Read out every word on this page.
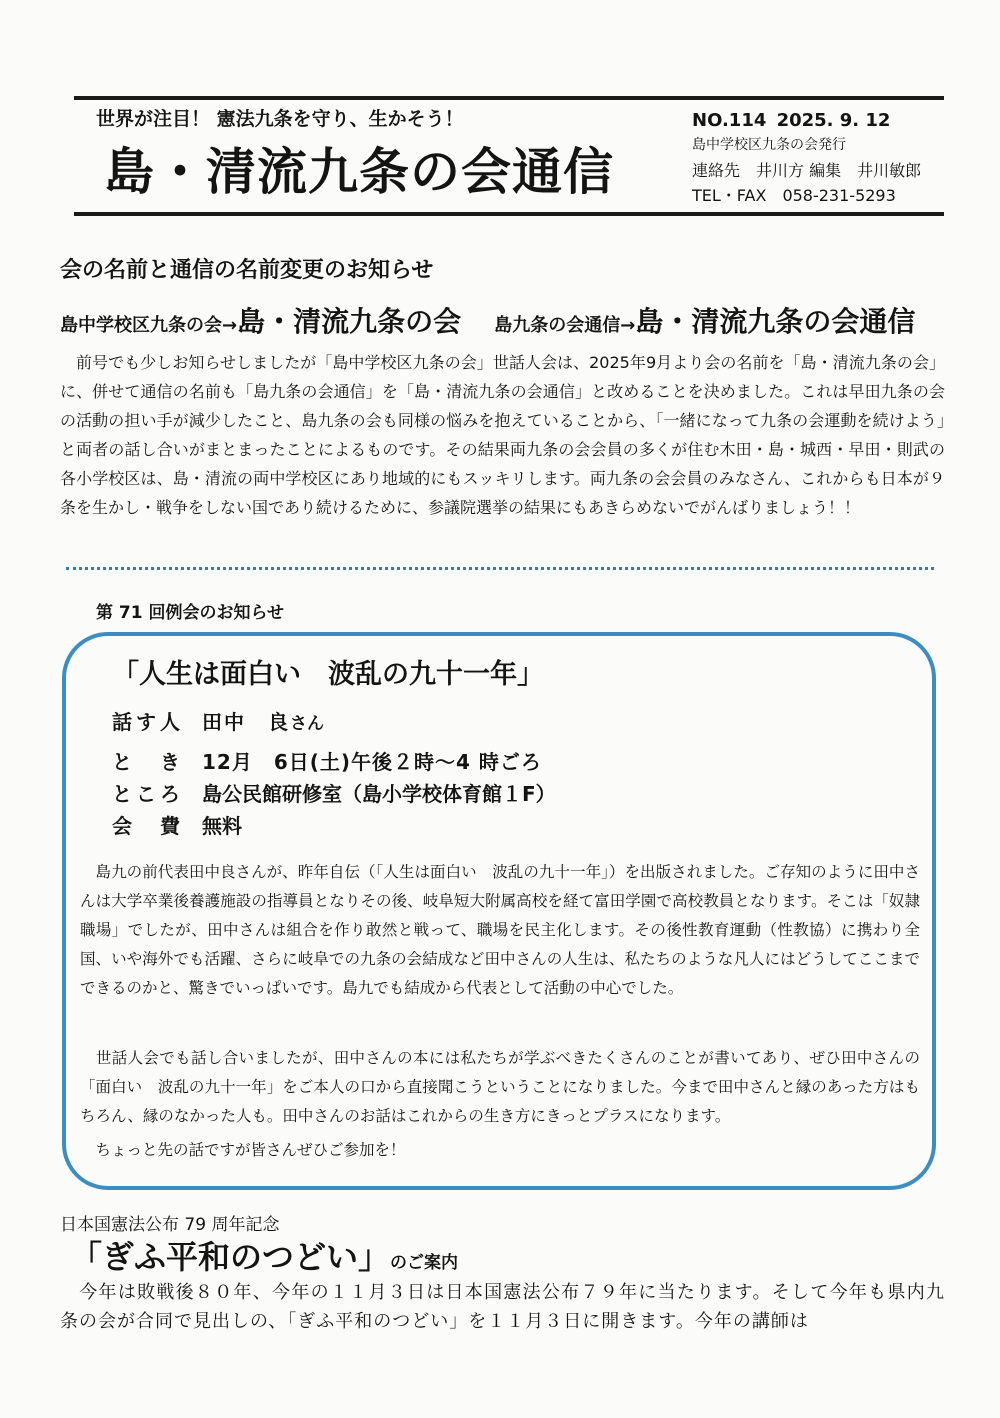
世界が注目！ 憲法九条を守り、生かそう！
島・清流九条の会通信
NO.114 2025. 9. 12
島中学校区九条の会発行
連絡先　井川方 編集　井川敏郎
TEL・FAX　058-231-5293
会の名前と通信の名前変更のお知らせ
島中学校区九条の会→島・清流九条の会 島九条の会通信→島・清流九条の会通信
　前号でも少しお知らせしましたが「島中学校区九条の会」世話人会は、2025年9月より会の名前を「島・清流九条の会」に、併せて通信の名前も「島九条の会通信」を「島・清流九条の会通信」と改めることを決めました。これは早田九条の会の活動の担い手が減少したこと、島九条の会も同様の悩みを抱えていることから、「一緒になって九条の会運動を続けよう」と両者の話し合いがまとまったことによるものです。その結果両九条の会会員の多くが住む木田・島・城西・早田・則武の各小学校区は、島・清流の両中学校区にあり地域的にもスッキリします。両九条の会会員のみなさん、これからも日本が９条を生かし・戦争をしない国であり続けるために、参議院選挙の結果にもあきらめないでがんばりましょう！！
第 71 回例会のお知らせ
「人生は面白い　波乱の九十一年」
話す人 田中　良さん
と　き 12月　6日(土)午後２時～4 時ごろ
ところ 島公民館研修室（島小学校体育館１F）
会　費 無料
　島九の前代表田中良さんが、昨年自伝（「人生は面白い　波乱の九十一年」）を出版されました。ご存知のように田中さんは大学卒業後養護施設の指導員となりその後、岐阜短大附属高校を経て富田学園で高校教員となります。そこは「奴隷職場」でしたが、田中さんは組合を作り敢然と戦って、職場を民主化します。その後性教育運動（性教協）に携わり全国、いや海外でも活躍、さらに岐阜での九条の会結成など田中さんの人生は、私たちのような凡人にはどうしてここまでできるのかと、驚きでいっぱいです。島九でも結成から代表として活動の中心でした。
　世話人会でも話し合いましたが、田中さんの本には私たちが学ぶべきたくさんのことが書いてあり、ぜひ田中さんの「面白い　波乱の九十一年」をご本人の口から直接聞こうということになりました。今まで田中さんと縁のあった方はもちろん、縁のなかった人も。田中さんのお話はこれからの生き方にきっとプラスになります。
　ちょっと先の話ですが皆さんぜひご参加を！
日本国憲法公布 79 周年記念
「ぎふ平和のつどい」のご案内
　今年は敗戦後８０年、今年の１１月３日は日本国憲法公布７９年に当たります。そして今年も県内九条の会が合同で見出しの、「ぎふ平和のつどい」を１１月３日に開きます。今年の講師は
